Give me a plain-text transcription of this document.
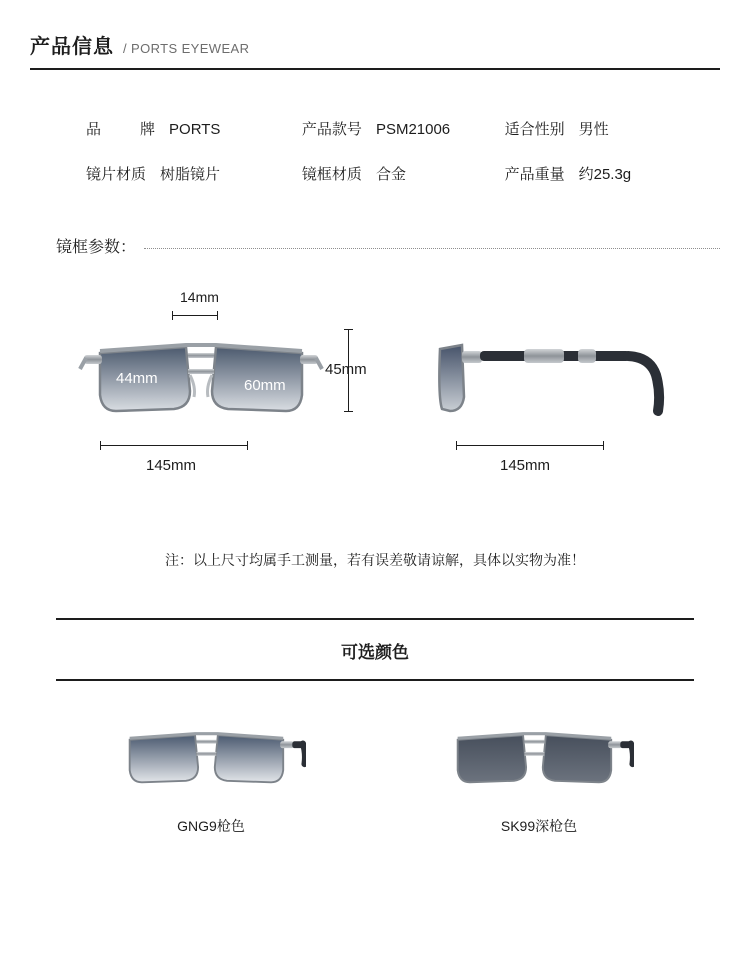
产品信息 / PORTS EYEWEAR
品　牌 PORTS	产品款号 PSM21006	适合性别 男性
镜片材质 树脂镜片	镜框材质 合金	产品重量 约25.3g
镜框参数：
14mm
44mm	60mm
45mm
145mm	145mm
注：以上尺寸均属手工测量，若有误差敬请谅解，具体以实物为准！
可选颜色
GNG9枪色	SK99深枪色
